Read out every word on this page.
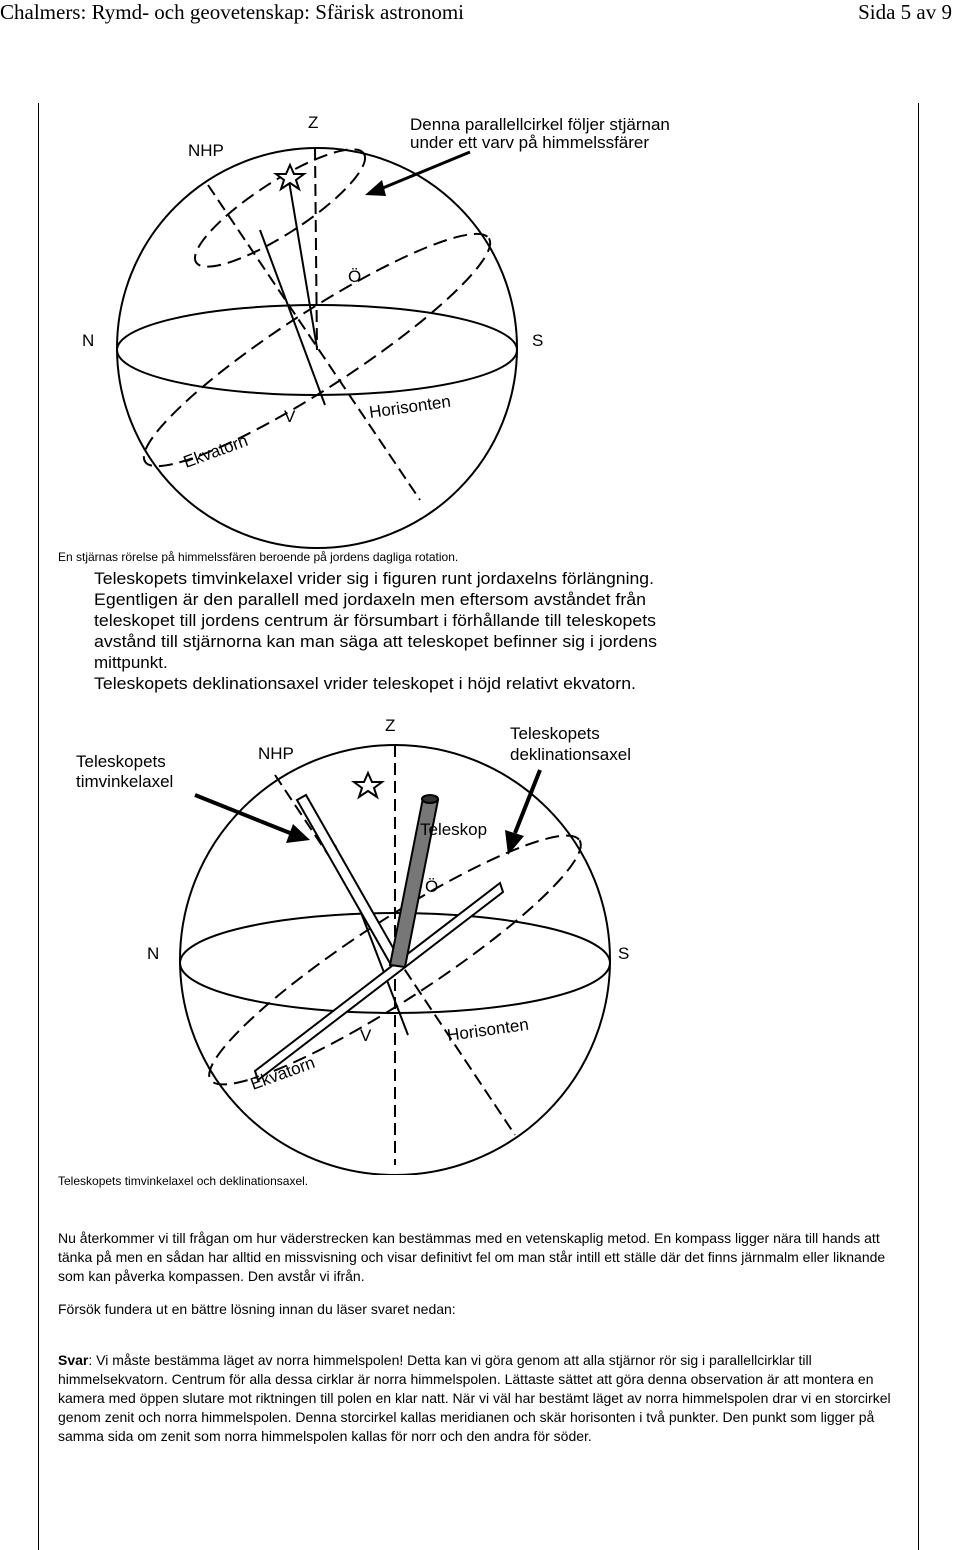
Chalmers: Rymd- och geovetenskap: Sfärisk astronomi	Sida 5 av 9
Denna parallellcirkel följer stjärnan
under ett varv på himmelssfärer
Z
NHP
Ö
N	S
V	Horisonten
Ekvatorn
En stjärnas rörelse på himmelssfären beroende på jordens dagliga rotation.
Teleskopets timvinkelaxel vrider sig i figuren runt jordaxelns förlängning.
Egentligen är den parallell med jordaxeln men eftersom avståndet från
teleskopet till jordens centrum är försumbart i förhållande till teleskopets
avstånd till stjärnorna kan man säga att teleskopet befinner sig i jordens
mittpunkt.
Teleskopets deklinationsaxel vrider teleskopet i höjd relativt ekvatorn.
Teleskopets
timvinkelaxel
Teleskopets
deklinationsaxel
Z
NHP
Teleskop
Ö
N	S
V	Horisonten
Ekvatorn
Teleskopets timvinkelaxel och deklinationsaxel.

Nu återkommer vi till frågan om hur väderstrecken kan bestämmas med en vetenskaplig metod. En kompass ligger nära till hands att tänka på men en sådan har alltid en missvisning och visar definitivt fel om man står intill ett ställe där det finns järnmalm eller liknande som kan påverka kompassen. Den avstår vi ifrån.

Försök fundera ut en bättre lösning innan du läser svaret nedan:

Svar: Vi måste bestämma läget av norra himmelspolen! Detta kan vi göra genom att alla stjärnor rör sig i parallellcirklar till himmelsekvatorn. Centrum för alla dessa cirklar är norra himmelspolen. Lättaste sättet att göra denna observation är att montera en kamera med öppen slutare mot riktningen till polen en klar natt. När vi väl har bestämt läget av norra himmelspolen drar vi en storcirkel genom zenit och norra himmelspolen. Denna storcirkel kallas meridianen och skär horisonten i två punkter. Den punkt som ligger på samma sida om zenit som norra himmelspolen kallas för norr och den andra för söder.
